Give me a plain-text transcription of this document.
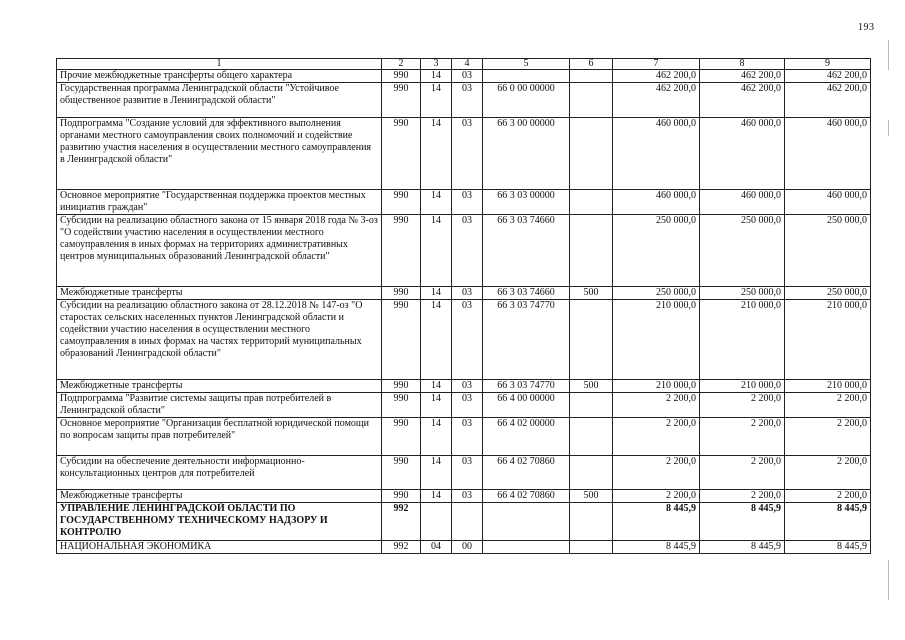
193
1	2	3	4	5	6	7	8	9
Прочие межбюджетные трансферты общего характера	990	14	03			462 200,0	462 200,0	462 200,0
Государственная программа Ленинградской области "Устойчивое общественное развитие в Ленинградской области"	990	14	03	66 0 00 00000		462 200,0	462 200,0	462 200,0
Подпрограмма "Создание условий для эффективного выполнения органами местного самоуправления своих полномочий и содействие развитию участия населения в осуществлении местного самоуправления в Ленинградской области"	990	14	03	66 3 00 00000		460 000,0	460 000,0	460 000,0
Основное мероприятие "Государственная поддержка проектов местных инициатив граждан"	990	14	03	66 3 03 00000		460 000,0	460 000,0	460 000,0
Субсидии на реализацию областного закона от 15 января 2018 года № 3-оз "О содействии участию населения в осуществлении местного самоуправления в иных формах на территориях административных центров муниципальных образований Ленинградской области"	990	14	03	66 3 03 74660		250 000,0	250 000,0	250 000,0
Межбюджетные трансферты	990	14	03	66 3 03 74660	500	250 000,0	250 000,0	250 000,0
Субсидии на реализацию областного закона от 28.12.2018 № 147-оз "О старостах сельских населенных пунктов Ленинградской области и содействии участию населения в осуществлении местного самоуправления в иных формах на частях территорий муниципальных образований Ленинградской области"	990	14	03	66 3 03 74770		210 000,0	210 000,0	210 000,0
Межбюджетные трансферты	990	14	03	66 3 03 74770	500	210 000,0	210 000,0	210 000,0
Подпрограмма "Развитие системы защиты прав потребителей в Ленинградской области"	990	14	03	66 4 00 00000		2 200,0	2 200,0	2 200,0
Основное мероприятие "Организация бесплатной юридической помощи по вопросам защиты прав потребителей"	990	14	03	66 4 02 00000		2 200,0	2 200,0	2 200,0
Субсидии на обеспечение деятельности информационно-консультационных центров для потребителей	990	14	03	66 4 02 70860		2 200,0	2 200,0	2 200,0
Межбюджетные трансферты	990	14	03	66 4 02 70860	500	2 200,0	2 200,0	2 200,0
УПРАВЛЕНИЕ ЛЕНИНГРАДСКОЙ ОБЛАСТИ ПО ГОСУДАРСТВЕННОМУ ТЕХНИЧЕСКОМУ НАДЗОРУ И КОНТРОЛЮ	992					8 445,9	8 445,9	8 445,9
НАЦИОНАЛЬНАЯ ЭКОНОМИКА	992	04	00			8 445,9	8 445,9	8 445,9
